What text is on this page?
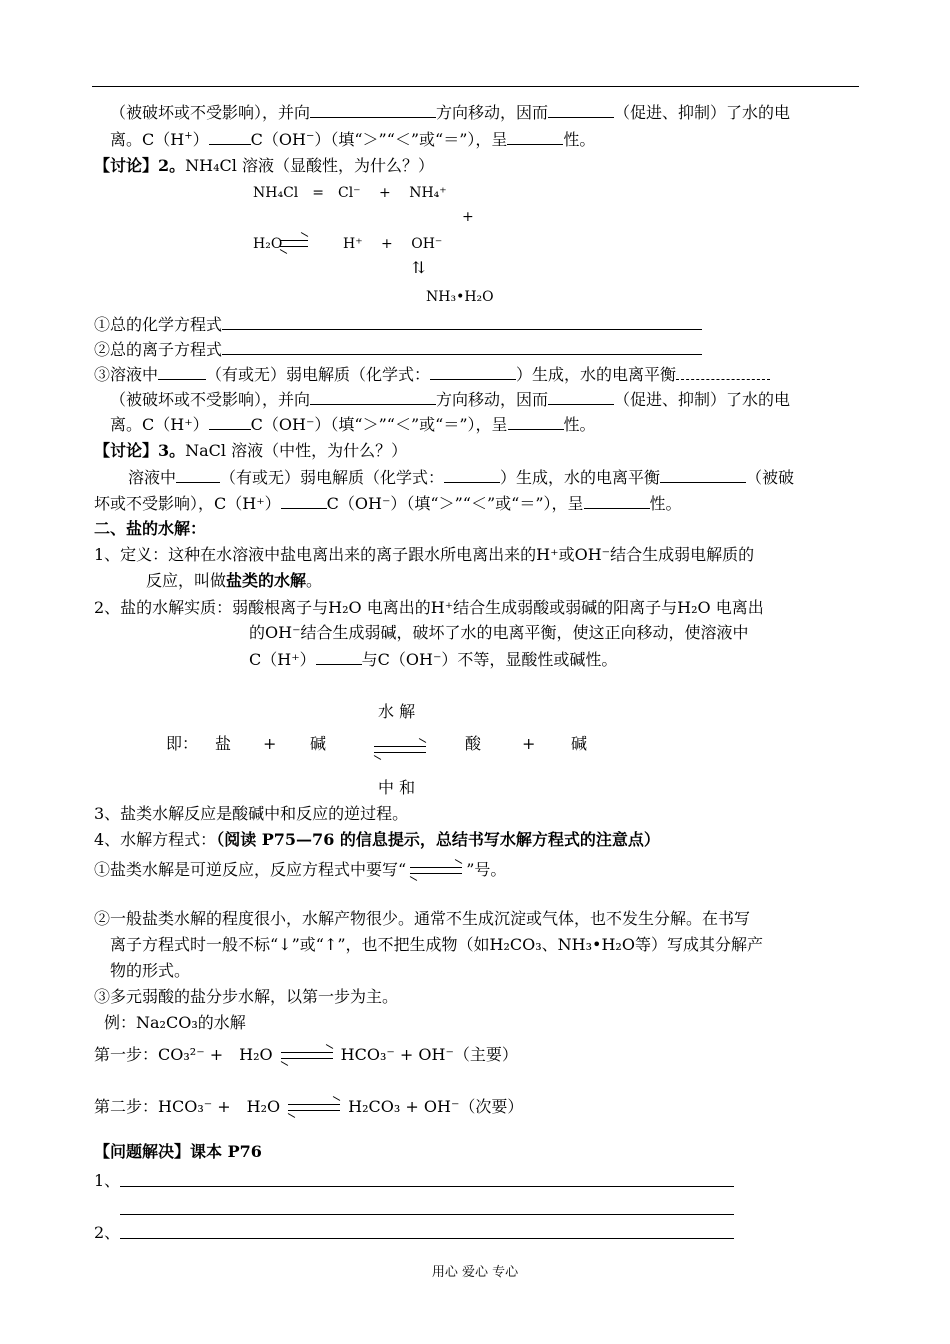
（被破坏或不受影响），并向	方向移动，因而	（促进、抑制）了水的电
离。C（H+）	C（OH−）（填“＞”“＜”或“＝”），呈	性。
【讨论】2。NH₄Cl 溶液（显酸性，为什么？）
NH₄Cl　=　Cl⁻　 +　 NH₄⁺
+
H₂O	H⁺　 +　 OH⁻
⇅
NH₃•H₂O
①总的化学方程式
②总的离子方程式
③溶液中	（有或无）弱电解质（化学式：	）生成，水的电离平衡
（被破坏或不受影响），并向	方向移动，因而	（促进、抑制）了水的电
离。C（H⁺）	C（OH⁻）（填“＞”“＜”或“＝”），呈	性。
【讨论】3。NaCl 溶液（中性，为什么？）
溶液中	（有或无）弱电解质（化学式：	）生成，水的电离平衡	（被破
坏或不受影响），C（H⁺）	C（OH⁻）（填“＞”“＜”或“＝”），呈	性。
二、盐的水解：
1、定义：这种在水溶液中盐电离出来的离子跟水所电离出来的H⁺或OH⁻结合生成弱电解质的
反应，叫做盐类的水解。
2、盐的水解实质：弱酸根离子与H₂O 电离出的H⁺结合生成弱酸或弱碱的阳离子与H₂O 电离出
的OH⁻结合生成弱碱，破坏了水的电离平衡，使这正向移动，使溶液中
C（H⁺）	与C（OH⁻）不等，显酸性或碱性。
水 解
即： 盐 + 碱	酸	+ 碱
中 和
3、盐类水解反应是酸碱中和反应的逆过程。
4、水解方程式：（阅读 P75—76 的信息提示，总结书写水解方程式的注意点）
①盐类水解是可逆反应，反应方程式中要写“	”号。
②一般盐类水解的程度很小，水解产物很少。通常不生成沉淀或气体，也不发生分解。在书写
离子方程式时一般不标“↓”或“↑”，也不把生成物（如H₂CO₃、NH₃•H₂O等）写成其分解产
物的形式。
③多元弱酸的盐分步水解，以第一步为主。
例：Na₂CO₃的水解
第一步：CO₃²⁻ +　H₂O	HCO₃⁻ + OH⁻（主要）
第二步：HCO₃⁻ +　H₂O	H₂CO₃ + OH⁻（次要）
【问题解决】课本 P76
1、
2、
用心 爱心 专心
